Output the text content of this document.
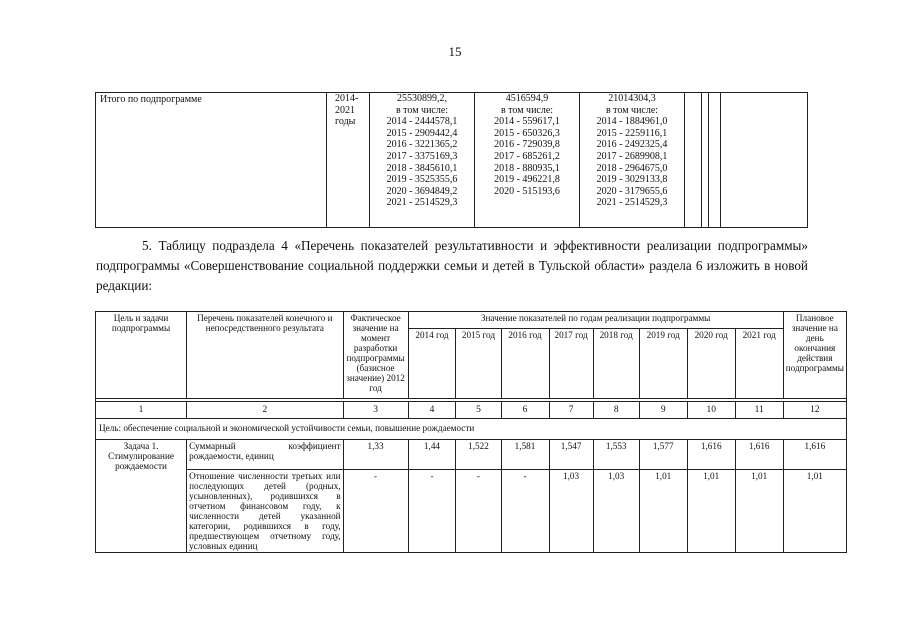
15
Итого по подпрограмме	2014-
2021
годы	25530899,2,
в том числе:
2014 - 2444578,1
2015 - 2909442,4
2016 - 3221365,2
2017 - 3375169,3
2018 - 3845610,1
2019 - 3525355,6
2020 - 3694849,2
2021 - 2514529,3	4516594,9
в том числе:
2014 - 559617,1
2015 - 650326,3
2016 - 729039,8
2017 - 685261,2
2018 - 880935,1
2019 - 496221,8
2020 - 515193,6	21014304,3
в том числе:
2014 - 1884961,0
2015 - 2259116,1
2016 - 2492325,4
2017 - 2689908,1
2018 - 2964675,0
2019 - 3029133,8
2020 - 3179655,6
2021 - 2514529,3				
5. Таблицу подраздела 4 «Перечень показателей результативности и эффективности реализации подпрограммы» подпрограммы «Совершенствование социальной поддержки семьи и детей в Тульской области» раздела 6 изложить в новой редакции:
Цель и задачи подпрограммы	Перечень показателей конечного и непосредственного результата	Фактическое значение на момент разработки подпрограммы (базисное значение) 2012 год	Значение показателей по годам реализации подпрограммы								Плановое значение на день окончания действия подпрограммы
			2014 год	2015 год	2016 год	2017 год	2018 год	2019 год	2020 год	2021 год	

1	2	3	4	5	6	7	8	9	10	11	12
Цель: обеспечение социальной и экономической устойчивости семьи, повышение рождаемости											
Задача 1. Стимулирование рождаемости	Суммарный коэффициент рождаемости, единиц	1,33	1,44	1,522	1,581	1,547	1,553	1,577	1,616	1,616	1,616
	Отношение численности третьих или последующих детей (родных, усыновленных), родившихся в отчетном финансовом году, к численности детей указанной категории, родившихся в году, предшествующем отчетному году, условных единиц	-	-	-	-	1,03	1,03	1,01	1,01	1,01	1,01
